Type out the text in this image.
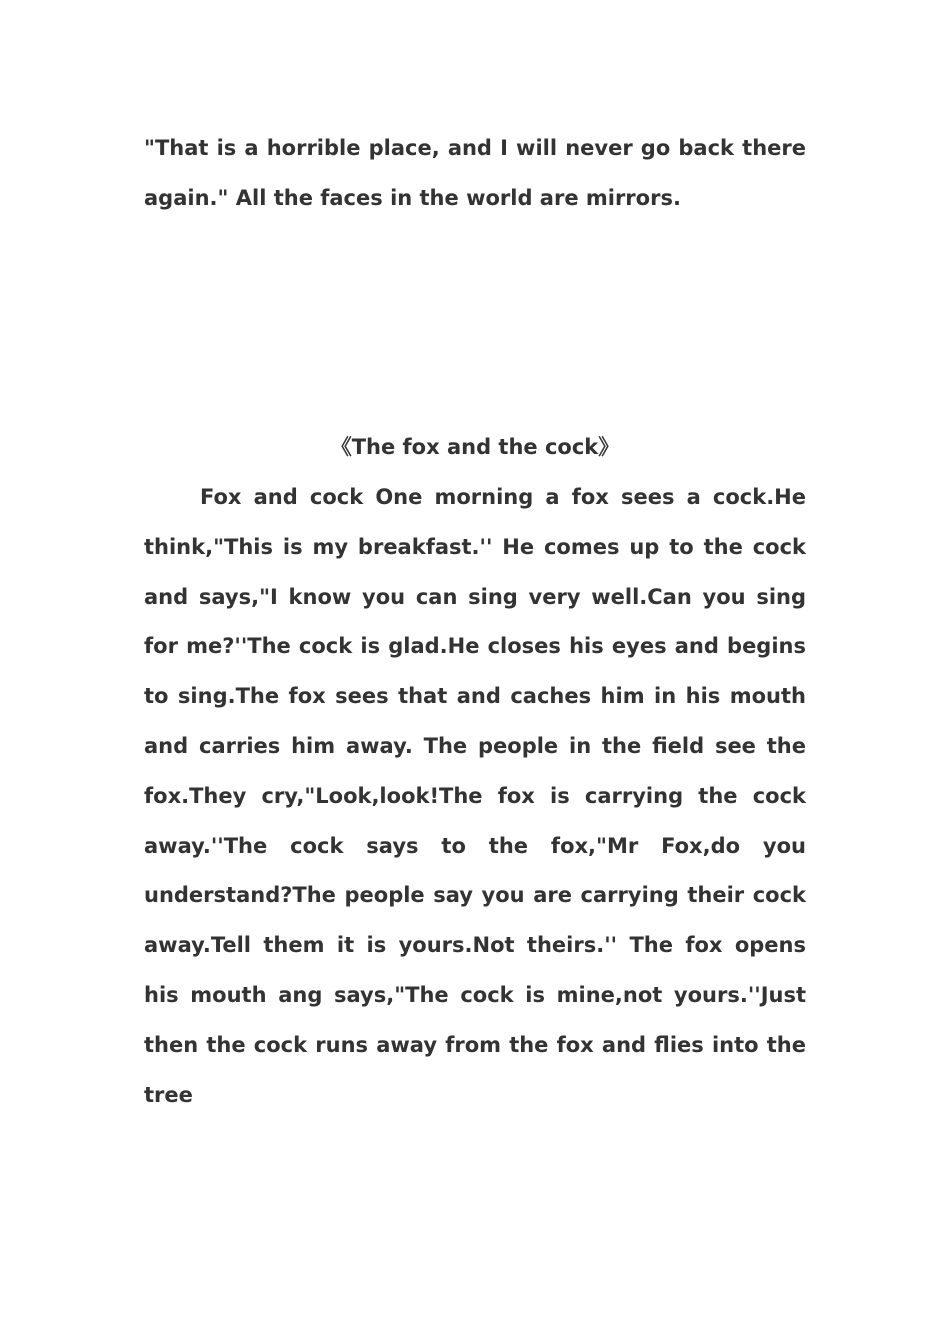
"That is a horrible place, and I will never go back there again." All the faces in the world are mirrors.

《The fox and the cock》

Fox and cock One morning a fox sees a cock.He think,"This is my breakfast.'' He comes up to the cock and says,"I know you can sing very well.Can you sing for me?''The cock is glad.He closes his eyes and begins to sing.The fox sees that and caches him in his mouth and carries him away. The people in the field see the fox.They cry,"Look,look!The fox is carrying the cock away.''The cock says to the fox,"Mr Fox,do you understand?The people say you are carrying their cock away.Tell them it is yours.Not theirs.'' The fox opens his mouth ang says,"The cock is mine,not yours.''Just then the cock runs away from the fox and flies into the tree
